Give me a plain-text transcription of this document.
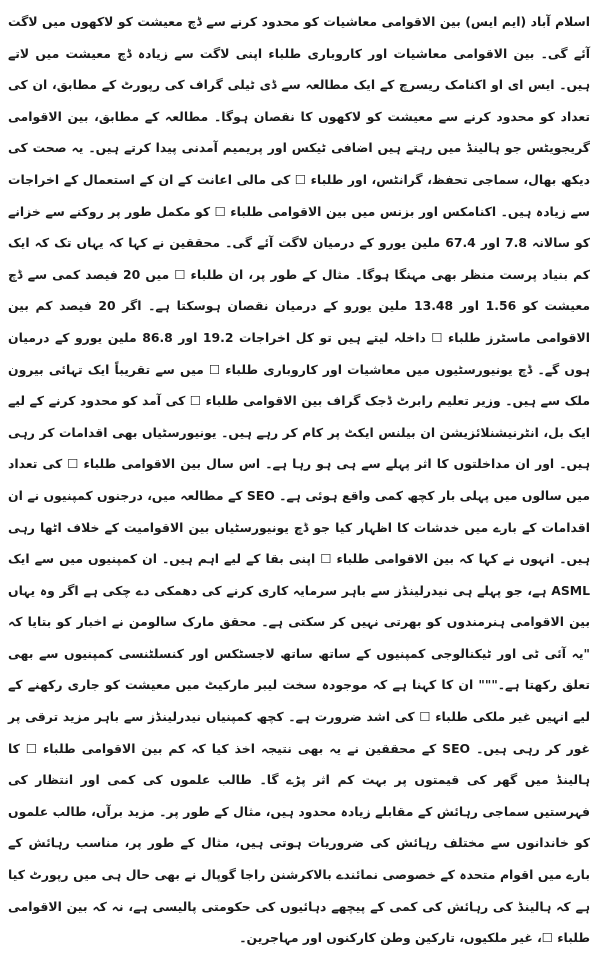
اسلام آباد (ایم ایس) بین الاقوامی معاشیات کو محدود کرنے سے ڈچ معیشت کو لاکھوں میں لاگت آئے گی۔ بین الاقوامی معاشیات اور کاروباری طلباء اپنی لاگت سے زیادہ ڈچ معیشت میں لاتے ہیں۔ ایس ای او اکنامک ریسرچ کے ایک مطالعہ سے ڈی ٹیلی گراف کی رپورٹ کے مطابق، ان کی تعداد کو محدود کرنے سے معیشت کو لاکھوں کا نقصان ہوگا۔ مطالعہ کے مطابق، بین الاقوامی گریجویٹس جو ہالینڈ میں رہتے ہیں اضافی ٹیکس اور پریمیم آمدنی پیدا کرتے ہیں۔ یہ صحت کی دیکھ بھال، سماجی تحفظ، گرانٹس، اور طلباء ☐ کی مالی اعانت کے ان کے استعمال کے اخراجات سے زیادہ ہیں۔ اکنامکس اور بزنس میں بین الاقوامی طلباء ☐ کو مکمل طور پر روکنے سے خزانے کو سالانہ 7.8 اور 67.4 ملین یورو کے درمیان لاگت آئے گی۔ محققین نے کہا کہ یہاں تک کہ ایک کم بنیاد پرست منظر بھی مہنگا ہوگا۔ مثال کے طور پر، ان طلباء ☐ میں 20 فیصد کمی سے ڈچ معیشت کو 1.56 اور 13.48 ملین یورو کے درمیان نقصان ہوسکتا ہے۔ اگر 20 فیصد کم بین الاقوامی ماسٹرز طلباء ☐ داخلہ لیتے ہیں تو کل اخراجات 19.2 اور 86.8 ملین یورو کے درمیان ہوں گے۔ ڈچ یونیورسٹیوں میں معاشیات اور کاروباری طلباء ☐ میں سے تقریباً ایک تہائی بیرون ملک سے ہیں۔ وزیر تعلیم رابرٹ ڈجک گراف بین الاقوامی طلباء ☐ کی آمد کو محدود کرنے کے لیے ایک بل، انٹرنیشنلائزیشن ان بیلنس ایکٹ پر کام کر رہے ہیں۔ یونیورسٹیاں بھی اقدامات کر رہی ہیں۔ اور ان مداخلتوں کا اثر پہلے سے ہی ہو رہا ہے۔ اس سال بین الاقوامی طلباء ☐ کی تعداد میں سالوں میں پہلی بار کچھ کمی واقع ہوئی ہے۔ SEO کے مطالعہ میں، درجنوں کمپنیوں نے ان اقدامات کے بارے میں خدشات کا اظہار کیا جو ڈچ یونیورسٹیاں بین الاقوامیت کے خلاف اٹھا رہی ہیں۔ انہوں نے کہا کہ بین الاقوامی طلباء ☐ اپنی بقا کے لیے اہم ہیں۔ ان کمپنیوں میں سے ایک ASML ہے، جو پہلے ہی نیدرلینڈز سے باہر سرمایہ کاری کرنے کی دھمکی دے چکی ہے اگر وہ یہاں بین الاقوامی ہنرمندوں کو بھرتی نہیں کر سکتی ہے۔ محقق مارک سالومن نے اخبار کو بتایا کہ "یہ آئی ٹی اور ٹیکنالوجی کمپنیوں کے ساتھ ساتھ لاجسٹکس اور کنسلٹنسی کمپنیوں سے بھی تعلق رکھتا ہے۔""" ان کا کہنا ہے کہ موجودہ سخت لیبر مارکیٹ میں معیشت کو جاری رکھنے کے لیے انہیں غیر ملکی طلباء ☐ کی اشد ضرورت ہے۔ کچھ کمپنیاں نیدرلینڈز سے باہر مزید ترقی پر غور کر رہی ہیں۔ SEO کے محققین نے یہ بھی نتیجہ اخذ کیا کہ کم بین الاقوامی طلباء ☐ کا ہالینڈ میں گھر کی قیمتوں پر بہت کم اثر پڑے گا۔ طالب علموں کی کمی اور انتظار کی فہرستیں سماجی رہائش کے مقابلے زیادہ محدود ہیں، مثال کے طور پر۔ مزید برآں، طالب علموں کو خاندانوں سے مختلف رہائش کی ضروریات ہوتی ہیں، مثال کے طور پر، مناسب رہائش کے بارے میں اقوام متحدہ کے خصوصی نمائندے بالاکرشنن راجا گوپال نے بھی حال ہی میں رپورٹ کیا ہے کہ ہالینڈ کی رہائش کی کمی کے پیچھے دہائیوں کی حکومتی پالیسی ہے، نہ کہ بین الاقوامی طلباء ☐، غیر ملکیوں، تارکین وطن کارکنوں اور مہاجرین۔
